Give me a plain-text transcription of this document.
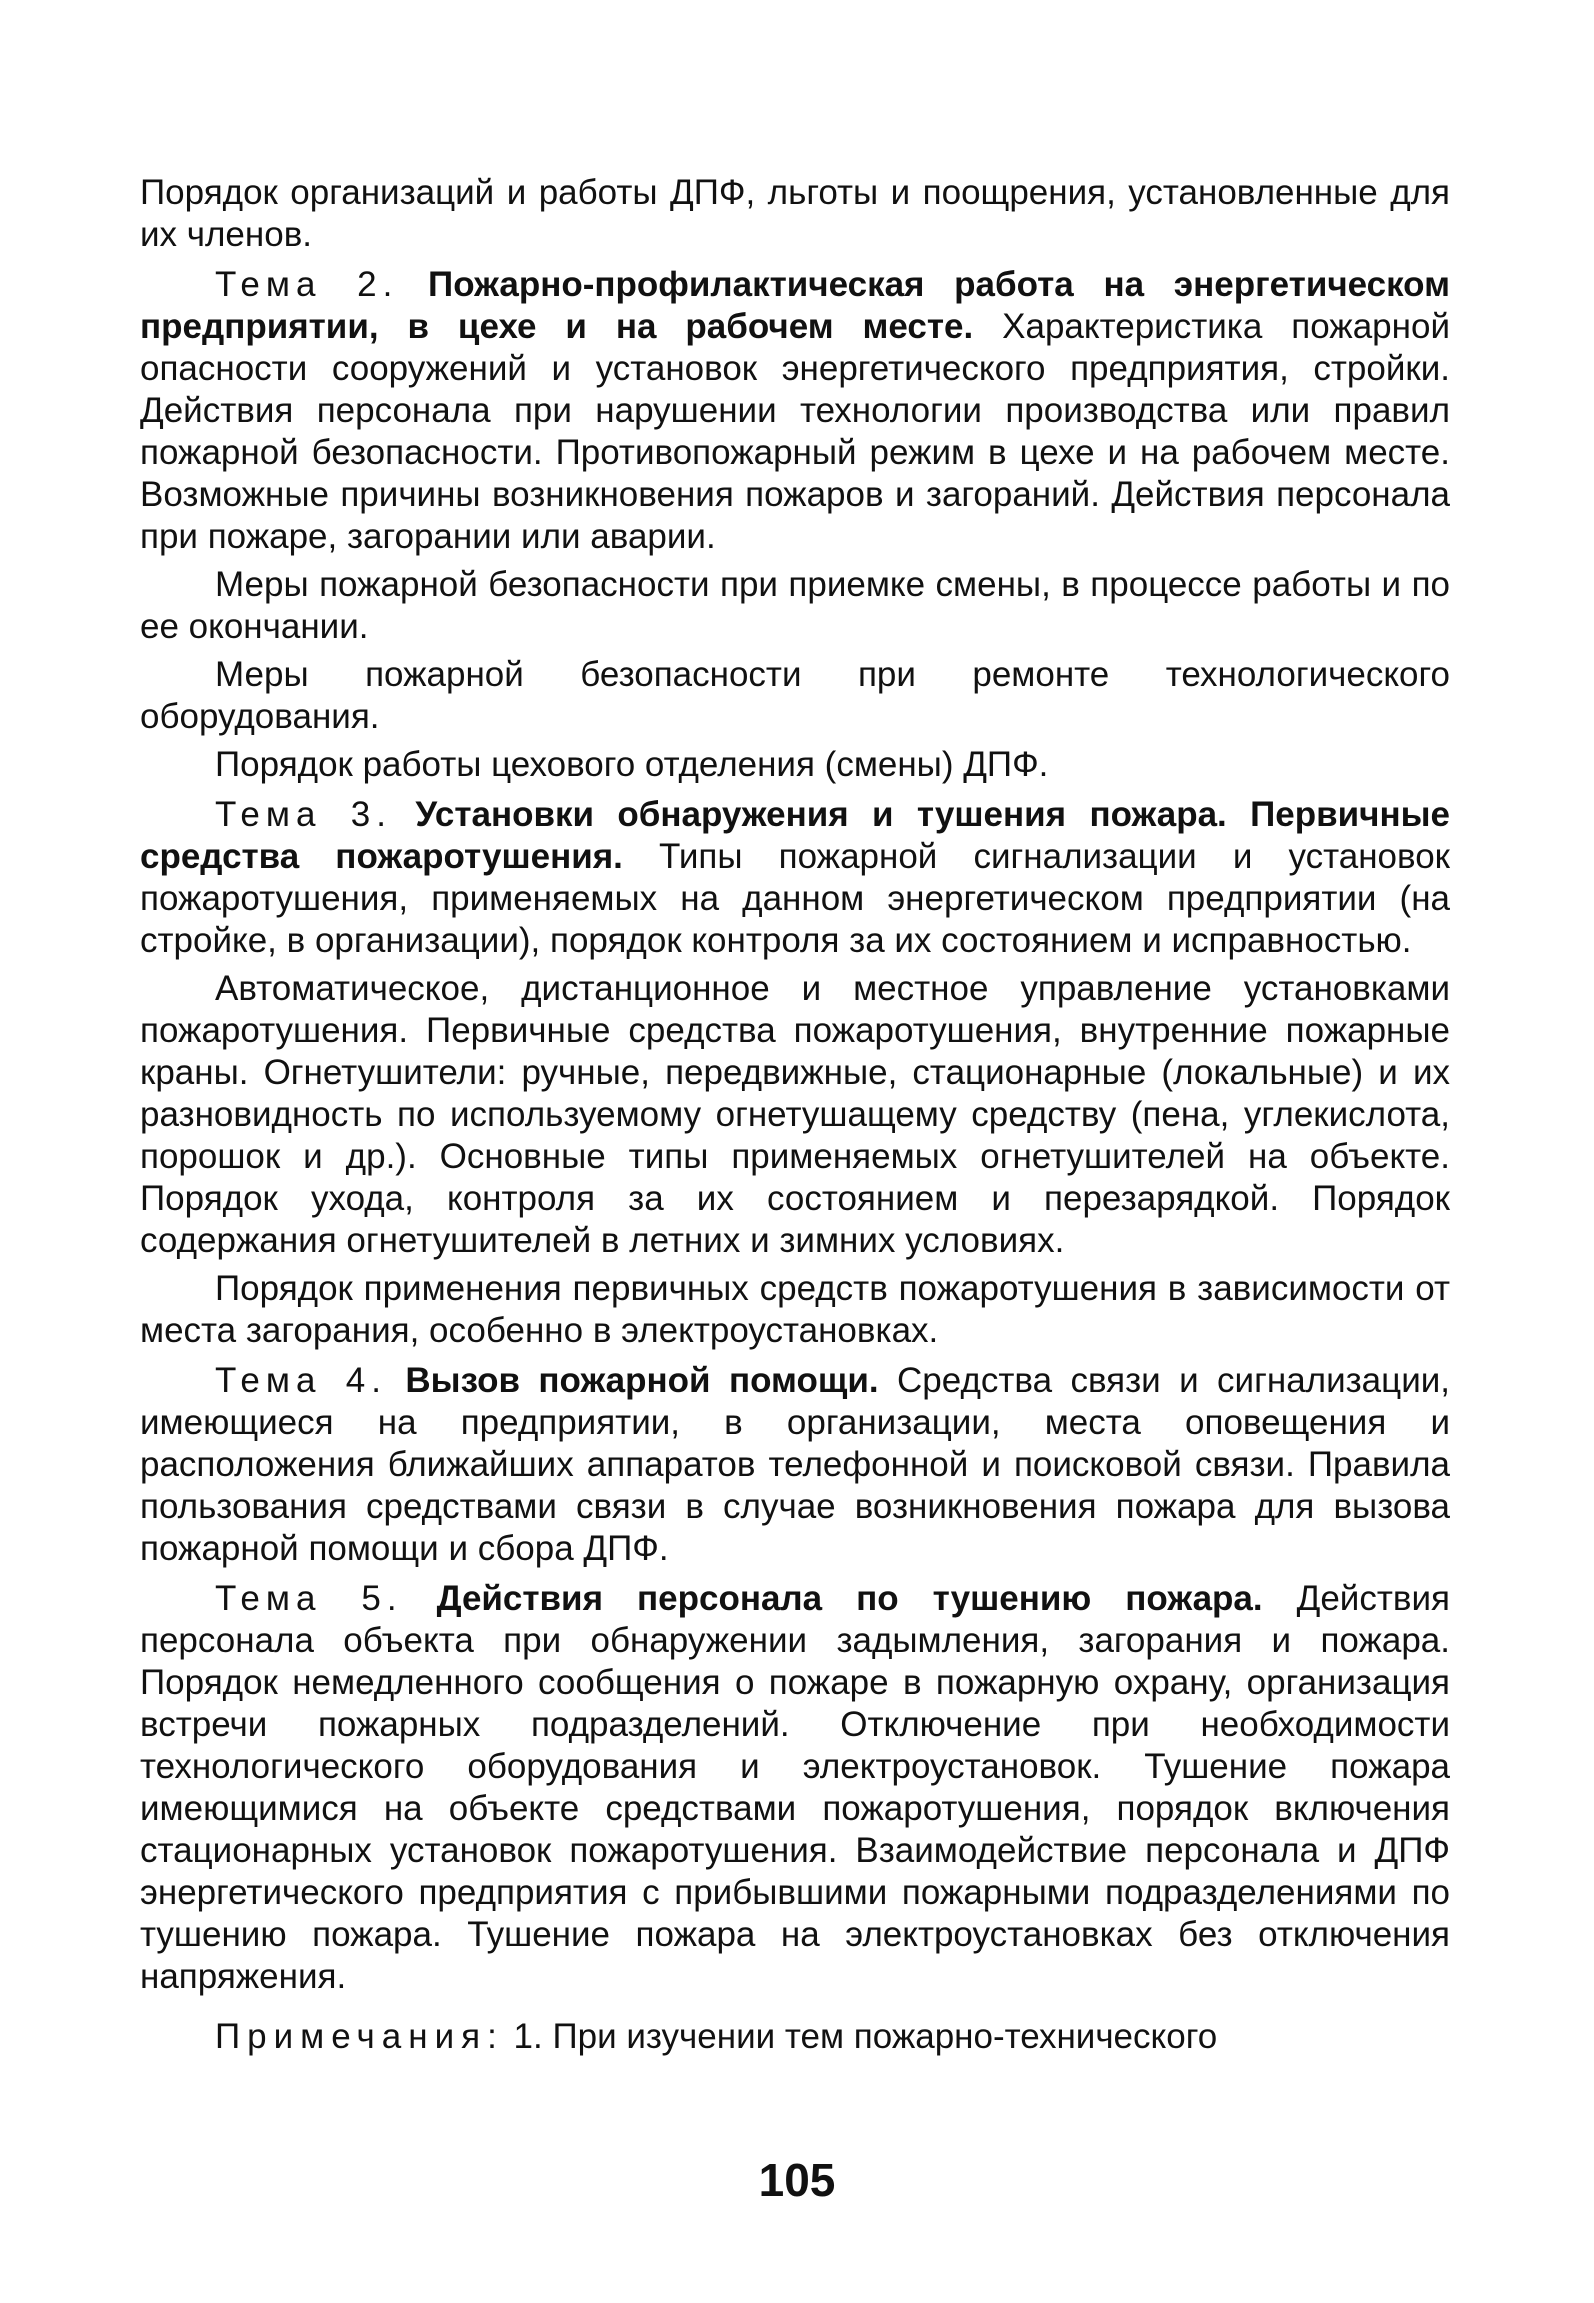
Порядок организаций и работы ДПФ, льготы и поощрения, установленные для их членов.

Тема 2. Пожарно-профилактическая работа на энергетическом предприятии, в цехе и на рабочем месте. Характеристика пожарной опасности сооружений и установок энергетического предприятия, стройки. Действия персонала при нарушении технологии производства или правил пожарной безопасности. Противопожарный режим в цехе и на рабочем месте. Возможные причины возникновения пожаров и загораний. Действия персонала при пожаре, загорании или аварии.

Меры пожарной безопасности при приемке смены, в процессе работы и по ее окончании.

Меры пожарной безопасности при ремонте технологического оборудования.

Порядок работы цехового отделения (смены) ДПФ.

Тема 3. Установки обнаружения и тушения пожара. Первичные средства пожаротушения. Типы пожарной сигнализации и установок пожаротушения, применяемых на данном энергетическом предприятии (на стройке, в организации), порядок контроля за их состоянием и исправностью.

Автоматическое, дистанционное и местное управление установками пожаротушения. Первичные средства пожаротушения, внутренние пожарные краны. Огнетушители: ручные, передвижные, стационарные (локальные) и их разновидность по используемому огнетушащему средству (пена, углекислота, порошок и др.). Основные типы применяемых огнетушителей на объекте. Порядок ухода, контроля за их состоянием и перезарядкой. Порядок содержания огнетушителей в летних и зимних условиях.

Порядок применения первичных средств пожаротушения в зависимости от места загорания, особенно в электроустановках.

Тема 4. Вызов пожарной помощи. Средства связи и сигнализации, имеющиеся на предприятии, в организации, места оповещения и расположения ближайших аппаратов телефонной и поисковой связи. Правила пользования средствами связи в случае возникновения пожара для вызова пожарной помощи и сбора ДПФ.

Тема 5. Действия персонала по тушению пожара. Действия персонала объекта при обнаружении задымления, загорания и пожара. Порядок немедленного сообщения о пожаре в пожарную охрану, организация встречи пожарных подразделений. Отключение при необходимости технологического оборудования и электроустановок. Тушение пожара имеющимися на объекте средствами пожаротушения, порядок включения стационарных установок пожаротушения. Взаимодействие персонала и ДПФ энергетического предприятия с прибывшими пожарными подразделениями по тушению пожара. Тушение пожара на электроустановках без отключения напряжения.

Примечания: 1. При изучении тем пожарно-технического

105
